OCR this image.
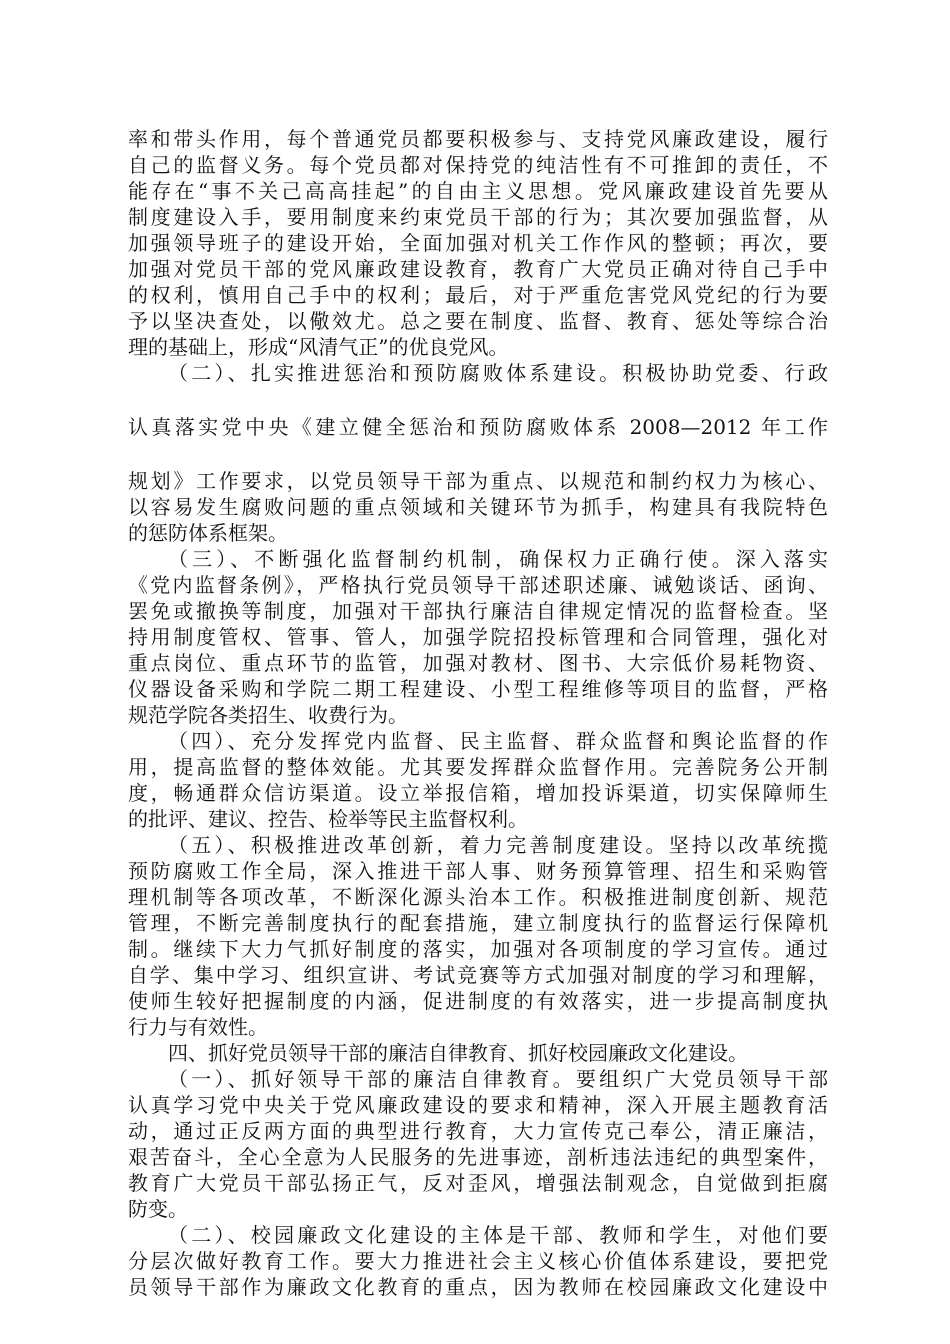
率和带头作用，每个普通党员都要积极参与、支持党风廉政建设，履行
自己的监督义务。每个党员都对保持党的纯洁性有不可推卸的责任，不
能存在“事不关己高高挂起”的自由主义思想。党风廉政建设首先要从
制度建设入手，要用制度来约束党员干部的行为；其次要加强监督，从
加强领导班子的建设开始，全面加强对机关工作作风的整顿；再次，要
加强对党员干部的党风廉政建设教育，教育广大党员正确对待自己手中
的权利，慎用自己手中的权利；最后，对于严重危害党风党纪的行为要
予以坚决查处，以儆效尤。总之要在制度、监督、教育、惩处等综合治
理的基础上，形成“风清气正”的优良党风。
（二）、扎实推进惩治和预防腐败体系建设。积极协助党委、行政
认真落实党中央《建立健全惩治和预防腐败体系 2008—2012 年工作
规划》工作要求，以党员领导干部为重点、以规范和制约权力为核心、
以容易发生腐败问题的重点领域和关键环节为抓手，构建具有我院特色
的惩防体系框架。
（三）、不断强化监督制约机制，确保权力正确行使。深入落实
《党内监督条例》，严格执行党员领导干部述职述廉、诫勉谈话、函询、
罢免或撤换等制度，加强对干部执行廉洁自律规定情况的监督检查。坚
持用制度管权、管事、管人，加强学院招投标管理和合同管理，强化对
重点岗位、重点环节的监管，加强对教材、图书、大宗低价易耗物资、
仪器设备采购和学院二期工程建设、小型工程维修等项目的监督，严格
规范学院各类招生、收费行为。
（四）、充分发挥党内监督、民主监督、群众监督和舆论监督的作
用，提高监督的整体效能。尤其要发挥群众监督作用。完善院务公开制
度，畅通群众信访渠道。设立举报信箱，增加投诉渠道，切实保障师生
的批评、建议、控告、检举等民主监督权利。
（五）、积极推进改革创新，着力完善制度建设。坚持以改革统揽
预防腐败工作全局，深入推进干部人事、财务预算管理、招生和采购管
理机制等各项改革，不断深化源头治本工作。积极推进制度创新、规范
管理，不断完善制度执行的配套措施，建立制度执行的监督运行保障机
制。继续下大力气抓好制度的落实，加强对各项制度的学习宣传。通过
自学、集中学习、组织宣讲、考试竞赛等方式加强对制度的学习和理解，
使师生较好把握制度的内涵，促进制度的有效落实，进一步提高制度执
行力与有效性。
四、抓好党员领导干部的廉洁自律教育、抓好校园廉政文化建设。
（一）、抓好领导干部的廉洁自律教育。要组织广大党员领导干部
认真学习党中央关于党风廉政建设的要求和精神，深入开展主题教育活
动，通过正反两方面的典型进行教育，大力宣传克己奉公，清正廉洁，
艰苦奋斗，全心全意为人民服务的先进事迹，剖析违法违纪的典型案件，
教育广大党员干部弘扬正气，反对歪风，增强法制观念，自觉做到拒腐
防变。
（二）、校园廉政文化建设的主体是干部、教师和学生，对他们要
分层次做好教育工作。要大力推进社会主义核心价值体系建设，要把党
员领导干部作为廉政文化教育的重点，因为教师在校园廉政文化建设中
